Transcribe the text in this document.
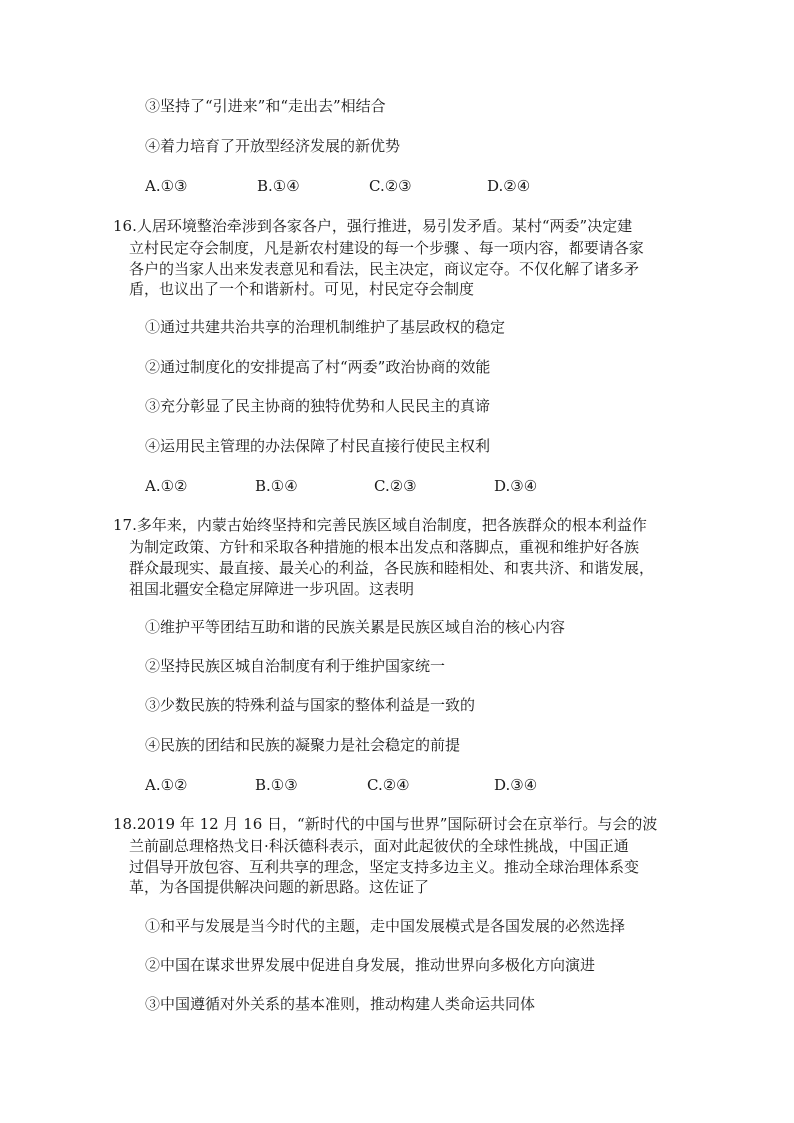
③坚持了“引进来”和“走出去”相结合
④着力培育了开放型经济发展的新优势
A.①③	B.①④	C.②③	D.②④
16.人居环境整治牵涉到各家各户，强行推进，易引发矛盾。某村“两委”决定建
立村民定夺会制度，凡是新农村建设的每一个步骤 、每一项内容，都要请各家
各户的当家人出来发表意见和看法，民主决定，商议定夺。不仅化解了诸多矛
盾，也议出了一个和谐新村。可见，村民定夺会制度
①通过共建共治共享的治理机制维护了基层政权的稳定
②通过制度化的安排提高了村“两委”政治协商的效能
③充分彰显了民主协商的独特优势和人民民主的真谛
④运用民主管理的办法保障了村民直接行使民主权利
A.①②	B.①④	C.②③	D.③④
17.多年来，内蒙古始终坚持和完善民族区域自治制度，把各族群众的根本利益作
为制定政策、方针和采取各种措施的根本出发点和落脚点，重视和维护好各族
群众最现实、最直接、最关心的利益，各民族和睦相处、和衷共济、和谐发展，
祖国北疆安全稳定屏障进一步巩固。这表明
①维护平等团结互助和谐的民族关累是民族区域自治的核心内容
②坚持民族区城自治制度有利于维护国家统一
③少数民族的特殊利益与国家的整体利益是一致的
④民族的团结和民族的凝聚力是社会稳定的前提
A.①②	B.①③	C.②④	D.③④
18.2019 年 12 月 16 日，“新时代的中国与世界”国际研讨会在京举行。与会的波
兰前副总理格热戈日·科沃德科表示，面对此起彼伏的全球性挑战，中国正通
过倡导开放包容、互利共享的理念，坚定支持多边主义。推动全球治理体系变
革，为各国提供解决问题的新思路。这佐证了
①和平与发展是当今时代的主题，走中国发展模式是各国发展的必然选择
②中国在谋求世界发展中促进自身发展，推动世界向多极化方向演进
③中国遵循对外关系的基本准则，推动构建人类命运共同体
